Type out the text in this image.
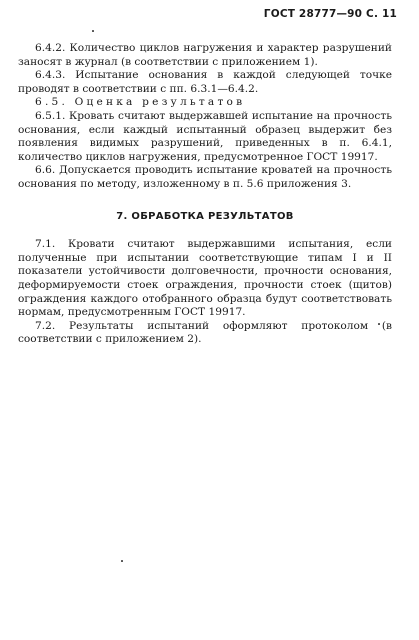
ГОСТ 28777—90 С. 11

6.4.2. Количество циклов нагружения и характер разрушений заносят в журнал (в соответствии с приложением 1).

6.4.3. Испытание основания в каждой следующей точке проводят в соответствии с пп. 6.3.1—6.4.2.

6.5. Оценка результатов

6.5.1. Кровать считают выдержавшей испытание на прочность основания, если каждый испытанный образец выдержит без появления видимых разрушений, приведенных в п. 6.4.1, количество циклов нагружения, предусмотренное ГОСТ 19917.

6.6. Допускается проводить испытание кроватей на прочность основания по методу, изложенному в п. 5.6 приложения 3.

7. ОБРАБОТКА РЕЗУЛЬТАТОВ

7.1. Кровати считают выдержавшими испытания, если полученные при испытании соответствующие типам I и II показатели устойчивости долговечности, прочности основания, деформируемости стоек ограждения, прочности стоек (щитов) ограждения каждого отобранного образца будут соответствовать нормам, предусмотренным ГОСТ 19917.

7.2. Результаты испытаний оформляют протоколом (в соответствии с приложением 2).
